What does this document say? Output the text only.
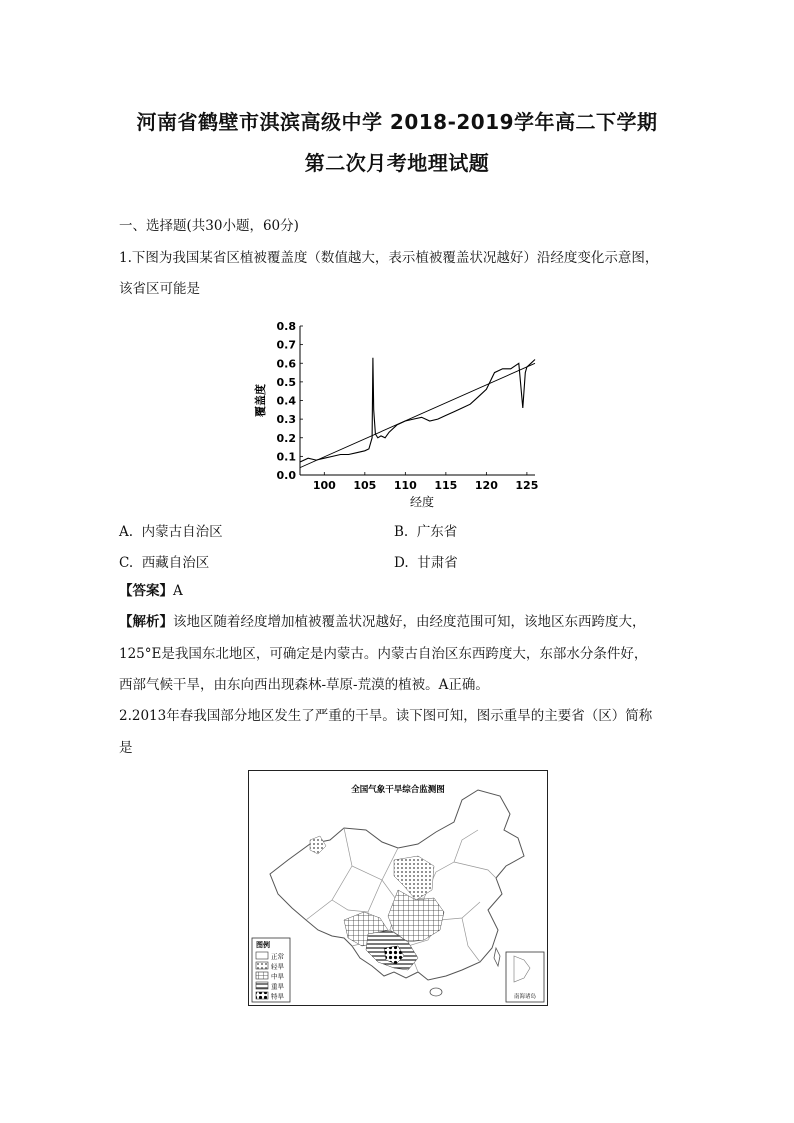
河南省鹤壁市淇滨高级中学 2018-2019学年高二下学期
第二次月考地理试题
一、选择题(共30小题，60分)
1.下图为我国某省区植被覆盖度（数值越大，表示植被覆盖状况越好）沿经度变化示意图，
该省区可能是
0.0
0.1
0.2
0.3
0.4
0.5
0.6
0.7
0.8
100 105 110 115 120 125
经度
覆盖度
A. 内蒙古自治区	B. 广东省
C. 西藏自治区	D. 甘肃省
【答案】A
【解析】该地区随着经度增加植被覆盖状况越好，由经度范围可知，该地区东西跨度大，
125°E是我国东北地区，可确定是内蒙古。内蒙古自治区东西跨度大，东部水分条件好，
西部气候干旱，由东向西出现森林-草原-荒漠的植被。A正确。
2.2013年春我国部分地区发生了严重的干旱。读下图可知，图示重旱的主要省（区）简称
是
全国气象干旱综合监测图
图例
正常
轻旱
中旱
重旱
特旱	南海诸岛
